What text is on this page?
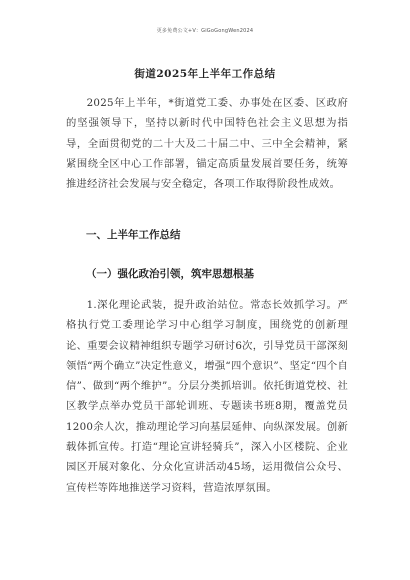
更多免费公文+V：GiGoGongWen2024
街道2025年上半年工作总结
2025年上半年，*街道党工委、办事处在区委、区政府的坚强领导下，坚持以新时代中国特色社会主义思想为指导，全面贯彻党的二十大及二十届二中、三中全会精神，紧紧围绕全区中心工作部署，锚定高质量发展首要任务，统筹推进经济社会发展与安全稳定，各项工作取得阶段性成效。
一、上半年工作总结
（一）强化政治引领，筑牢思想根基
1.深化理论武装，提升政治站位。常态长效抓学习。严格执行党工委理论学习中心组学习制度，围绕党的创新理论、重要会议精神组织专题学习研讨6次，引导党员干部深刻领悟“两个确立”决定性意义，增强“四个意识”、坚定“四个自信”、做到“两个维护”。分层分类抓培训。依托街道党校、社区教学点举办党员干部轮训班、专题读书班8期，覆盖党员1200余人次，推动理论学习向基层延伸、向纵深发展。创新载体抓宣传。打造“理论宣讲轻骑兵”，深入小区楼院、企业园区开展对象化、分众化宣讲活动45场，运用微信公众号、宣传栏等阵地推送学习资料，营造浓厚氛围。
